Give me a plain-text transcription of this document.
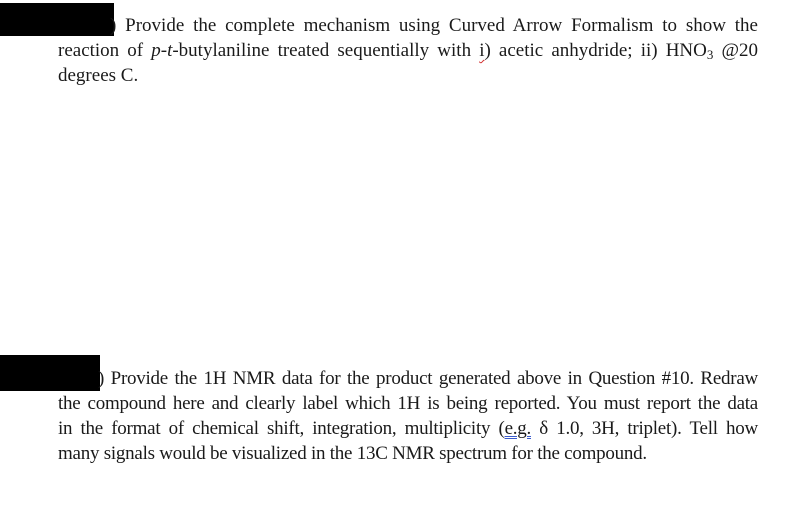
) Provide the complete mechanism using Curved Arrow Formalism to show the
reaction of p-t-butylaniline treated sequentially with i) acetic anhydride; ii) $HNO_3$ @20
degrees C.
) Provide the 1H NMR data for the product generated above in Question #10. Redraw
the compound here and clearly label which 1H is being reported. You must report the data
in the format of chemical shift, integration, multiplicity (e.g. δ 1.0, 3H, triplet). Tell how
many signals would be visualized in the 13C NMR spectrum for the compound.
